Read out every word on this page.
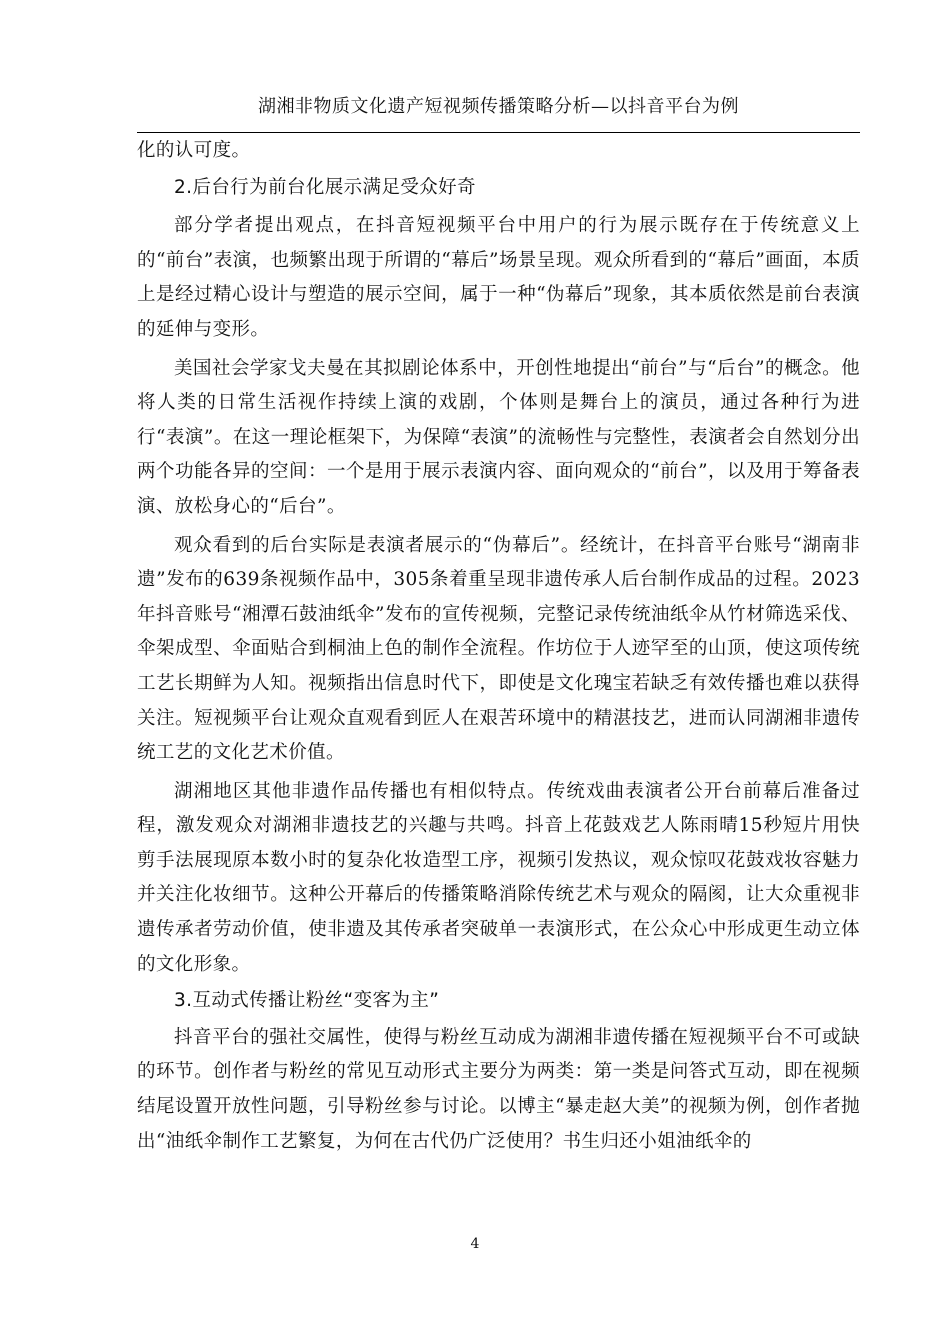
湖湘非物质文化遗产短视频传播策略分析—以抖音平台为例

化的认可度。

2.后台行为前台化展示满足受众好奇

部分学者提出观点，在抖音短视频平台中用户的行为展示既存在于传统意义上的“前台”表演，也频繁出现于所谓的“幕后”场景呈现。观众所看到的“幕后”画面，本质上是经过精心设计与塑造的展示空间，属于一种“伪幕后”现象，其本质依然是前台表演的延伸与变形。

美国社会学家戈夫曼在其拟剧论体系中，开创性地提出“前台”与“后台”的概念。他将人类的日常生活视作持续上演的戏剧，个体则是舞台上的演员，通过各种行为进行“表演”。在这一理论框架下，为保障“表演”的流畅性与完整性，表演者会自然划分出两个功能各异的空间：一个是用于展示表演内容、面向观众的“前台”，以及用于筹备表演、放松身心的“后台”。

观众看到的后台实际是表演者展示的“伪幕后”。经统计，在抖音平台账号“湖南非遗”发布的639条视频作品中，305条着重呈现非遗传承人后台制作成品的过程。2023年抖音账号“湘潭石鼓油纸伞”发布的宣传视频，完整记录传统油纸伞从竹材筛选采伐、伞架成型、伞面贴合到桐油上色的制作全流程。作坊位于人迹罕至的山顶，使这项传统工艺长期鲜为人知。视频指出信息时代下，即使是文化瑰宝若缺乏有效传播也难以获得关注。短视频平台让观众直观看到匠人在艰苦环境中的精湛技艺，进而认同湖湘非遗传统工艺的文化艺术价值。

湖湘地区其他非遗作品传播也有相似特点。传统戏曲表演者公开台前幕后准备过程，激发观众对湖湘非遗技艺的兴趣与共鸣。抖音上花鼓戏艺人陈雨晴15秒短片用快剪手法展现原本数小时的复杂化妆造型工序，视频引发热议，观众惊叹花鼓戏妆容魅力并关注化妆细节。这种公开幕后的传播策略消除传统艺术与观众的隔阂，让大众重视非遗传承者劳动价值，使非遗及其传承者突破单一表演形式，在公众心中形成更生动立体的文化形象。

3.互动式传播让粉丝“变客为主”

抖音平台的强社交属性，使得与粉丝互动成为湖湘非遗传播在短视频平台不可或缺的环节。创作者与粉丝的常见互动形式主要分为两类：第一类是问答式互动，即在视频结尾设置开放性问题，引导粉丝参与讨论。以博主“暴走赵大美”的视频为例，创作者抛出“油纸伞制作工艺繁复，为何在古代仍广泛使用？书生归还小姐油纸伞的

4
